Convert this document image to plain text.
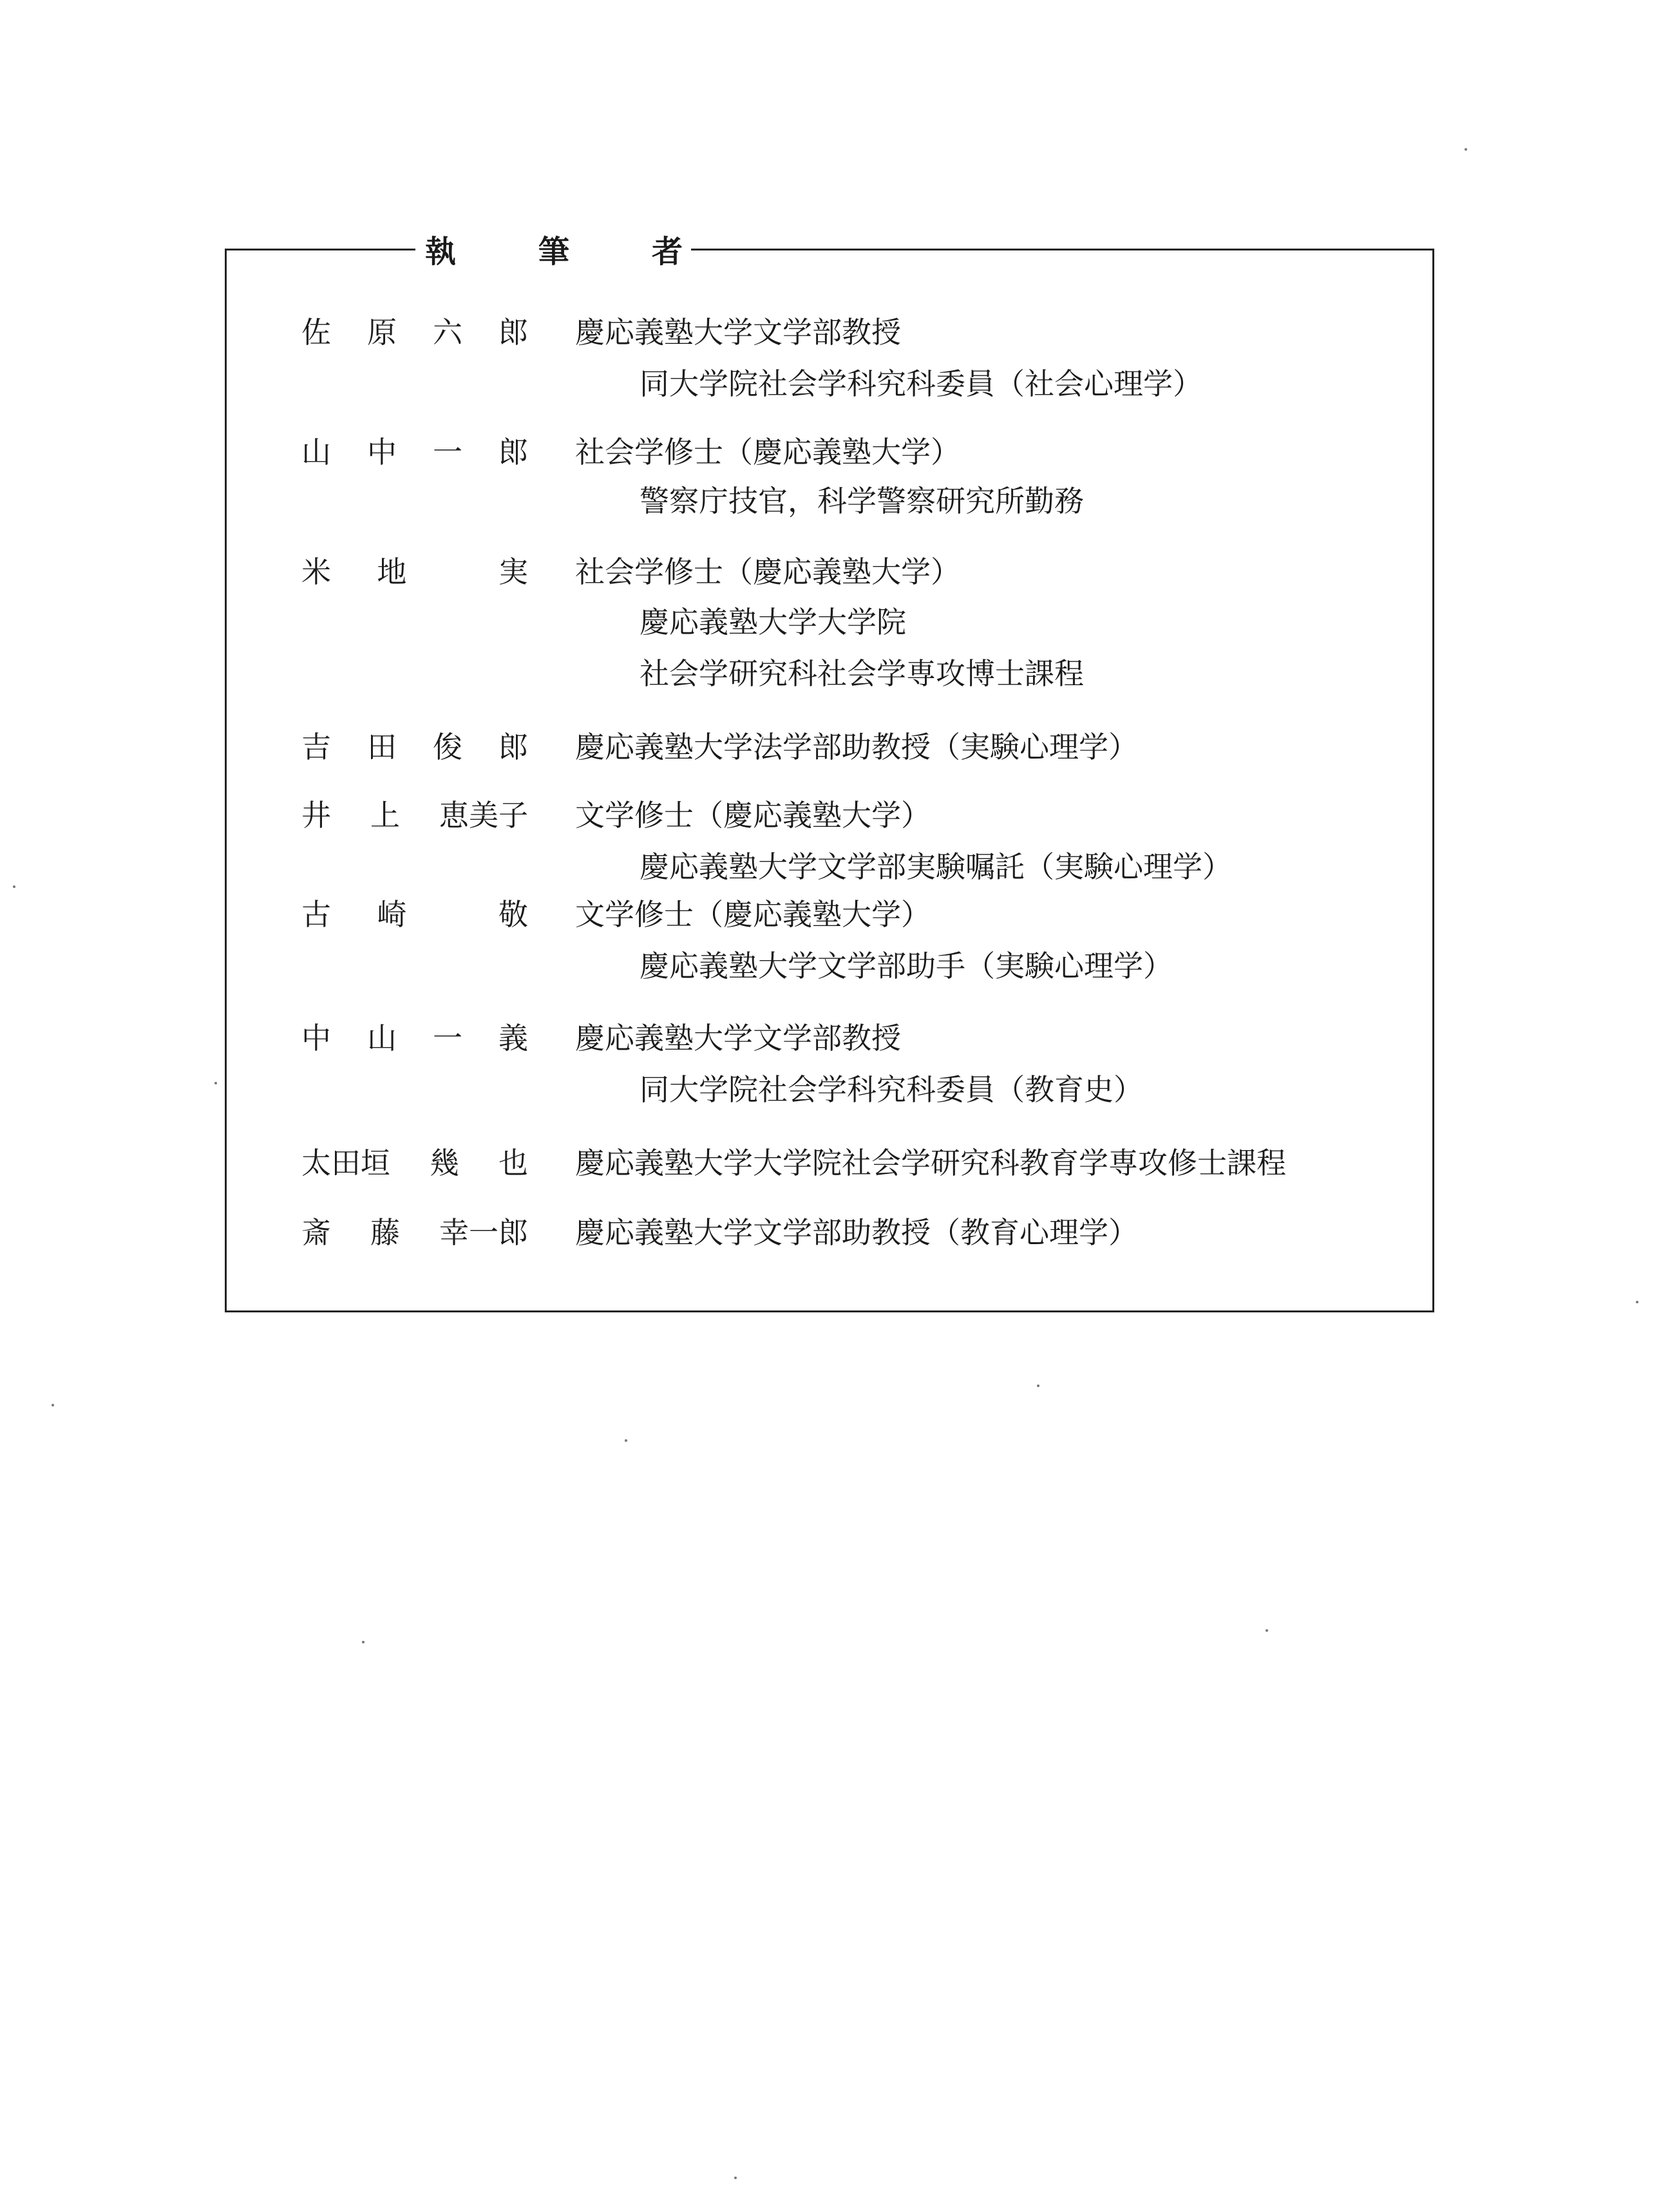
執	筆	者
佐 原 六 郎 慶応義塾大学文学部教授
同大学院社会学科究科委員（社会心理学）
山 中 一 郎 社会学修士（慶応義塾大学）
警察庁技官，科学警察研究所勤務
米 地	実 社会学修士（慶応義塾大学）
慶応義塾大学大学院
社会学研究科社会学専攻博士課程
吉 田 俊 郎 慶応義塾大学法学部助教授（実験心理学）
井 上 恵美子 文学修士（慶応義塾大学）
慶応義塾大学文学部実験嘱託（実験心理学）
古 崎	敬 文学修士（慶応義塾大学）
慶応義塾大学文学部助手（実験心理学）
中 山 一 義 慶応義塾大学文学部教授
同大学院社会学科究科委員（教育史）
太田垣 幾 也 慶応義塾大学大学院社会学研究科教育学専攻修士課程
斎 藤 幸一郎 慶応義塾大学文学部助教授（教育心理学）
